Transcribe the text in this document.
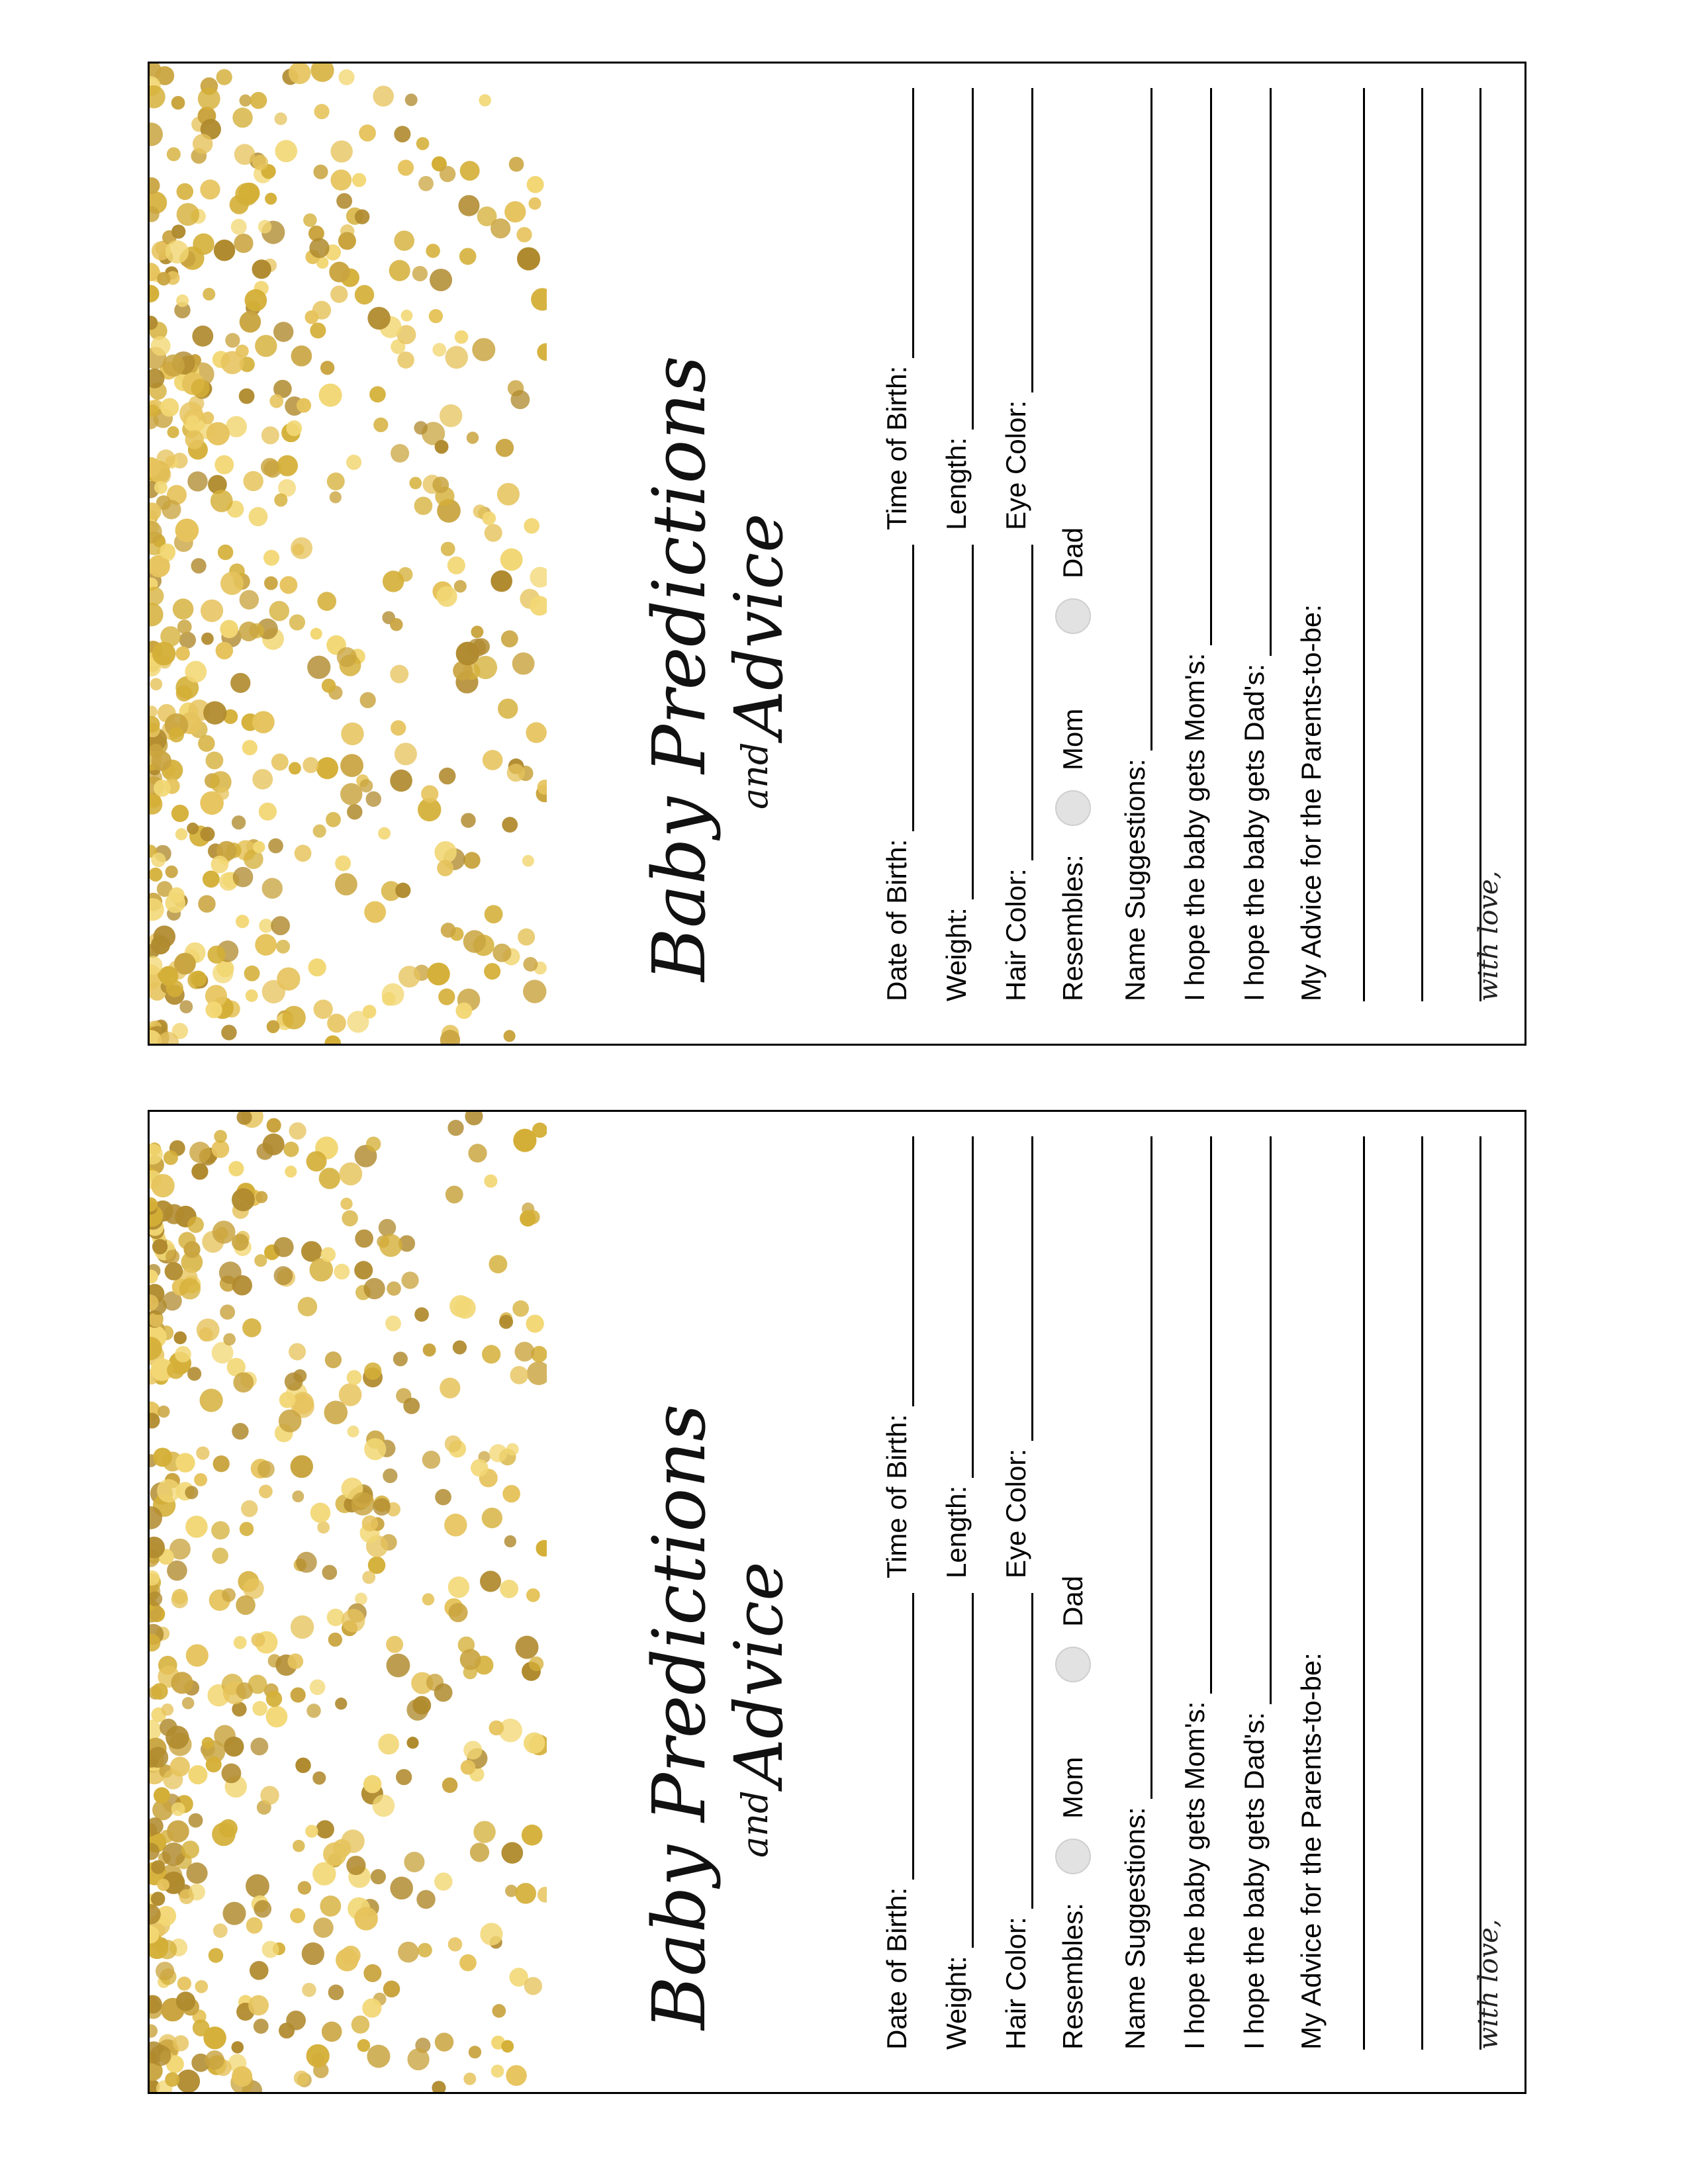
Baby Predictions $^{and}$Advice
Date of Birth:
Time of Birth:
Weight:
Length:
Hair Color:
Eye Color:
Resembles:
Mom
Dad
Name Suggestions: I hope the baby gets Mom's: I hope the baby gets Dad's: My Advice for the Parents-to-be:	with love,
Baby Predictions $^{and}$Advice
Date of Birth:
Time of Birth:
Weight:
Length:
Hair Color:
Eye Color:
Resembles:
Mom
Dad
Name Suggestions: I hope the baby gets Mom's: I hope the baby gets Dad's: My Advice for the Parents-to-be:	with love,
